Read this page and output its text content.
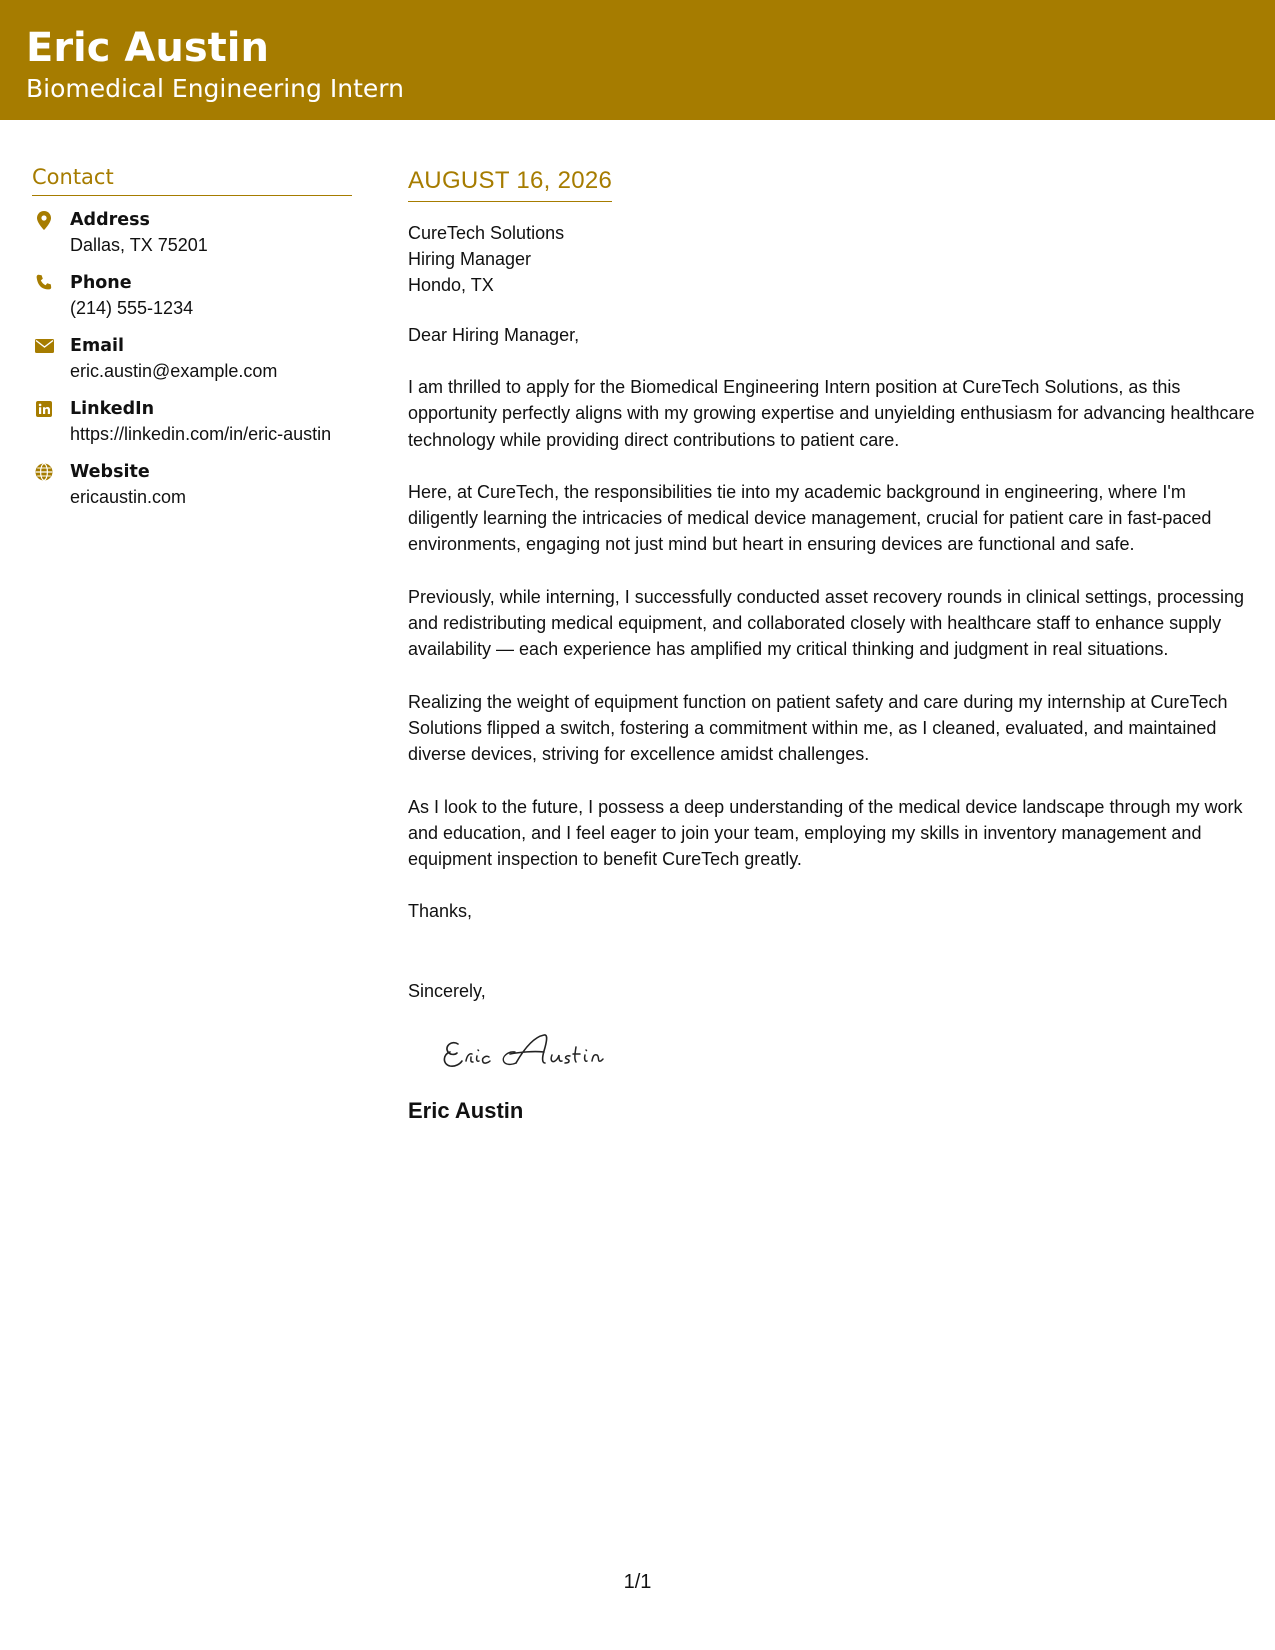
Eric Austin
Biomedical Engineering Intern
Contact
Address
Dallas, TX 75201
Phone
(214) 555-1234
Email
eric.austin@example.com
LinkedIn
https://linkedin.com/in/eric-austin
Website
ericaustin.com
AUGUST 16, 2026
CureTech Solutions
Hiring Manager
Hondo, TX
Dear Hiring Manager,
I am thrilled to apply for the Biomedical Engineering Intern position at CureTech Solutions, as this opportunity perfectly aligns with my growing expertise and unyielding enthusiasm for advancing healthcare technology while providing direct contributions to patient care.
Here, at CureTech, the responsibilities tie into my academic background in engineering, where I'm diligently learning the intricacies of medical device management, crucial for patient care in fast-paced environments, engaging not just mind but heart in ensuring devices are functional and safe.
Previously, while interning, I successfully conducted asset recovery rounds in clinical settings, processing and redistributing medical equipment, and collaborated closely with healthcare staff to enhance supply availability — each experience has amplified my critical thinking and judgment in real situations.
Realizing the weight of equipment function on patient safety and care during my internship at CureTech Solutions flipped a switch, fostering a commitment within me, as I cleaned, evaluated, and maintained diverse devices, striving for excellence amidst challenges.
As I look to the future, I possess a deep understanding of the medical device landscape through my work and education, and I feel eager to join your team, employing my skills in inventory management and equipment inspection to benefit CureTech greatly.
Thanks,
Sincerely,
Eric Austin
1/1
